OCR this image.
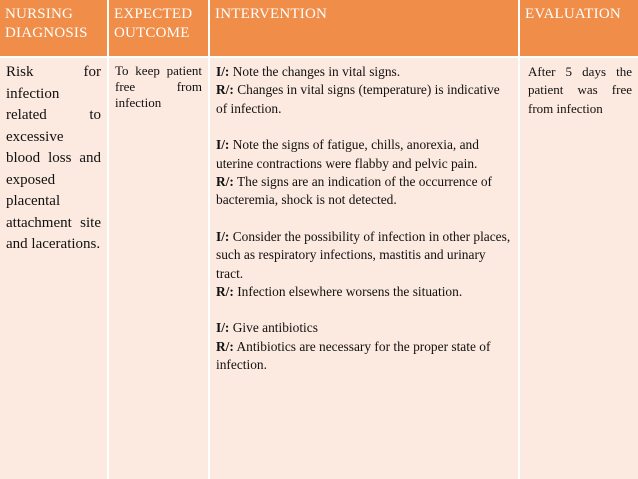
NURSING
DIAGNOSIS
EXPECTED
OUTCOME
INTERVENTION	EVALUATION
Risk for infection related to excessive blood loss and exposed placental attachment site and lacerations.
To keep patient free from infection
I/: Note the changes in vital signs.
R/: Changes in vital signs (temperature) is indicative of infection.
I/: Note the signs of fatigue, chills, anorexia, and uterine contractions were flabby and pelvic pain.
R/: The signs are an indication of the occurrence of bacteremia, shock is not detected.
I/: Consider the possibility of infection in other places, such as respiratory infections, mastitis and urinary tract.
R/: Infection elsewhere worsens the situation.
I/: Give antibiotics
R/: Antibiotics are necessary for the proper state of infection.
After 5 days the patient was free from infection
